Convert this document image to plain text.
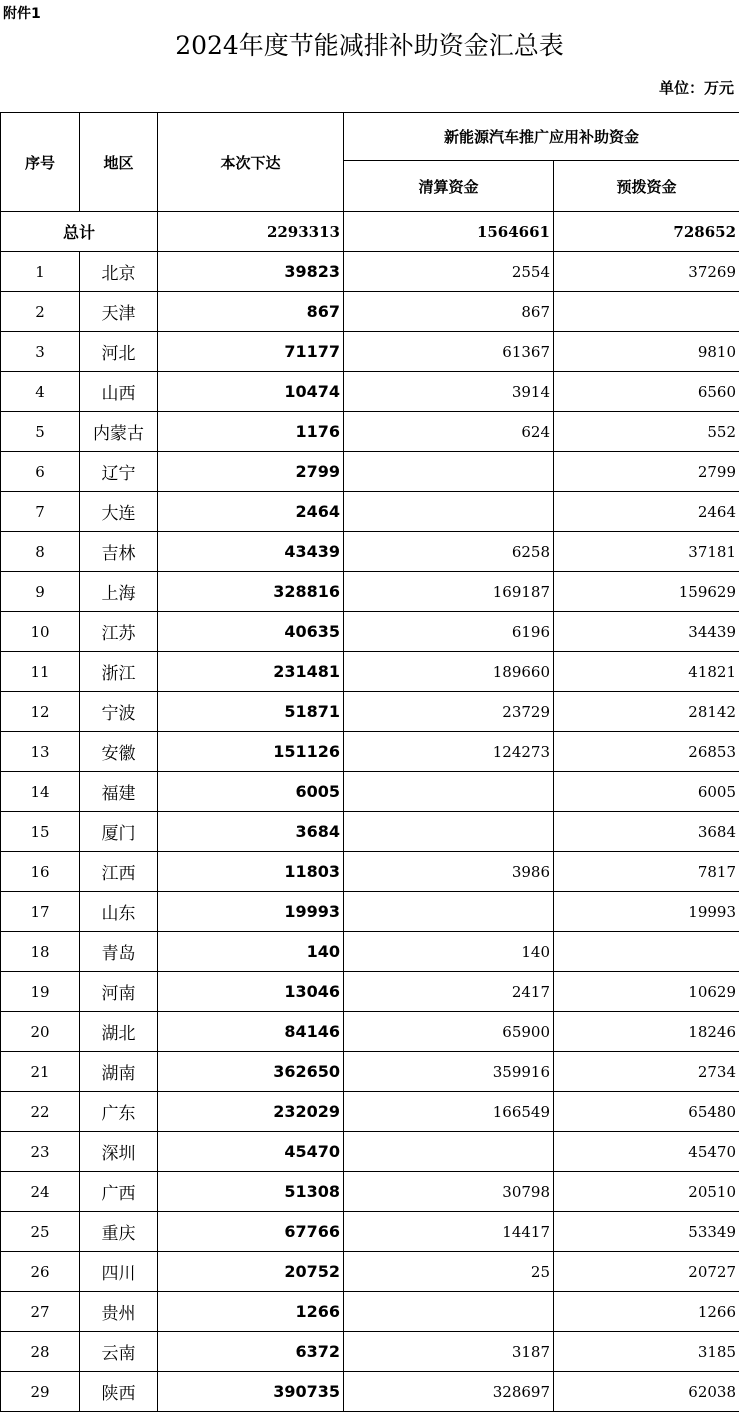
附件1
2024年度节能减排补助资金汇总表
单位：万元
序号	地区	本次下达	新能源汽车推广应用补助资金	
			清算资金	预拨资金
总计		2293313	1564661	728652
1	北京	39823	2554	37269
2	天津	867	867	
3	河北	71177	61367	9810
4	山西	10474	3914	6560
5	内蒙古	1176	624	552
6	辽宁	2799		2799
7	大连	2464		2464
8	吉林	43439	6258	37181
9	上海	328816	169187	159629
10	江苏	40635	6196	34439
11	浙江	231481	189660	41821
12	宁波	51871	23729	28142
13	安徽	151126	124273	26853
14	福建	6005		6005
15	厦门	3684		3684
16	江西	11803	3986	7817
17	山东	19993		19993
18	青岛	140	140	
19	河南	13046	2417	10629
20	湖北	84146	65900	18246
21	湖南	362650	359916	2734
22	广东	232029	166549	65480
23	深圳	45470		45470
24	广西	51308	30798	20510
25	重庆	67766	14417	53349
26	四川	20752	25	20727
27	贵州	1266		1266
28	云南	6372	3187	3185
29	陕西	390735	328697	62038
